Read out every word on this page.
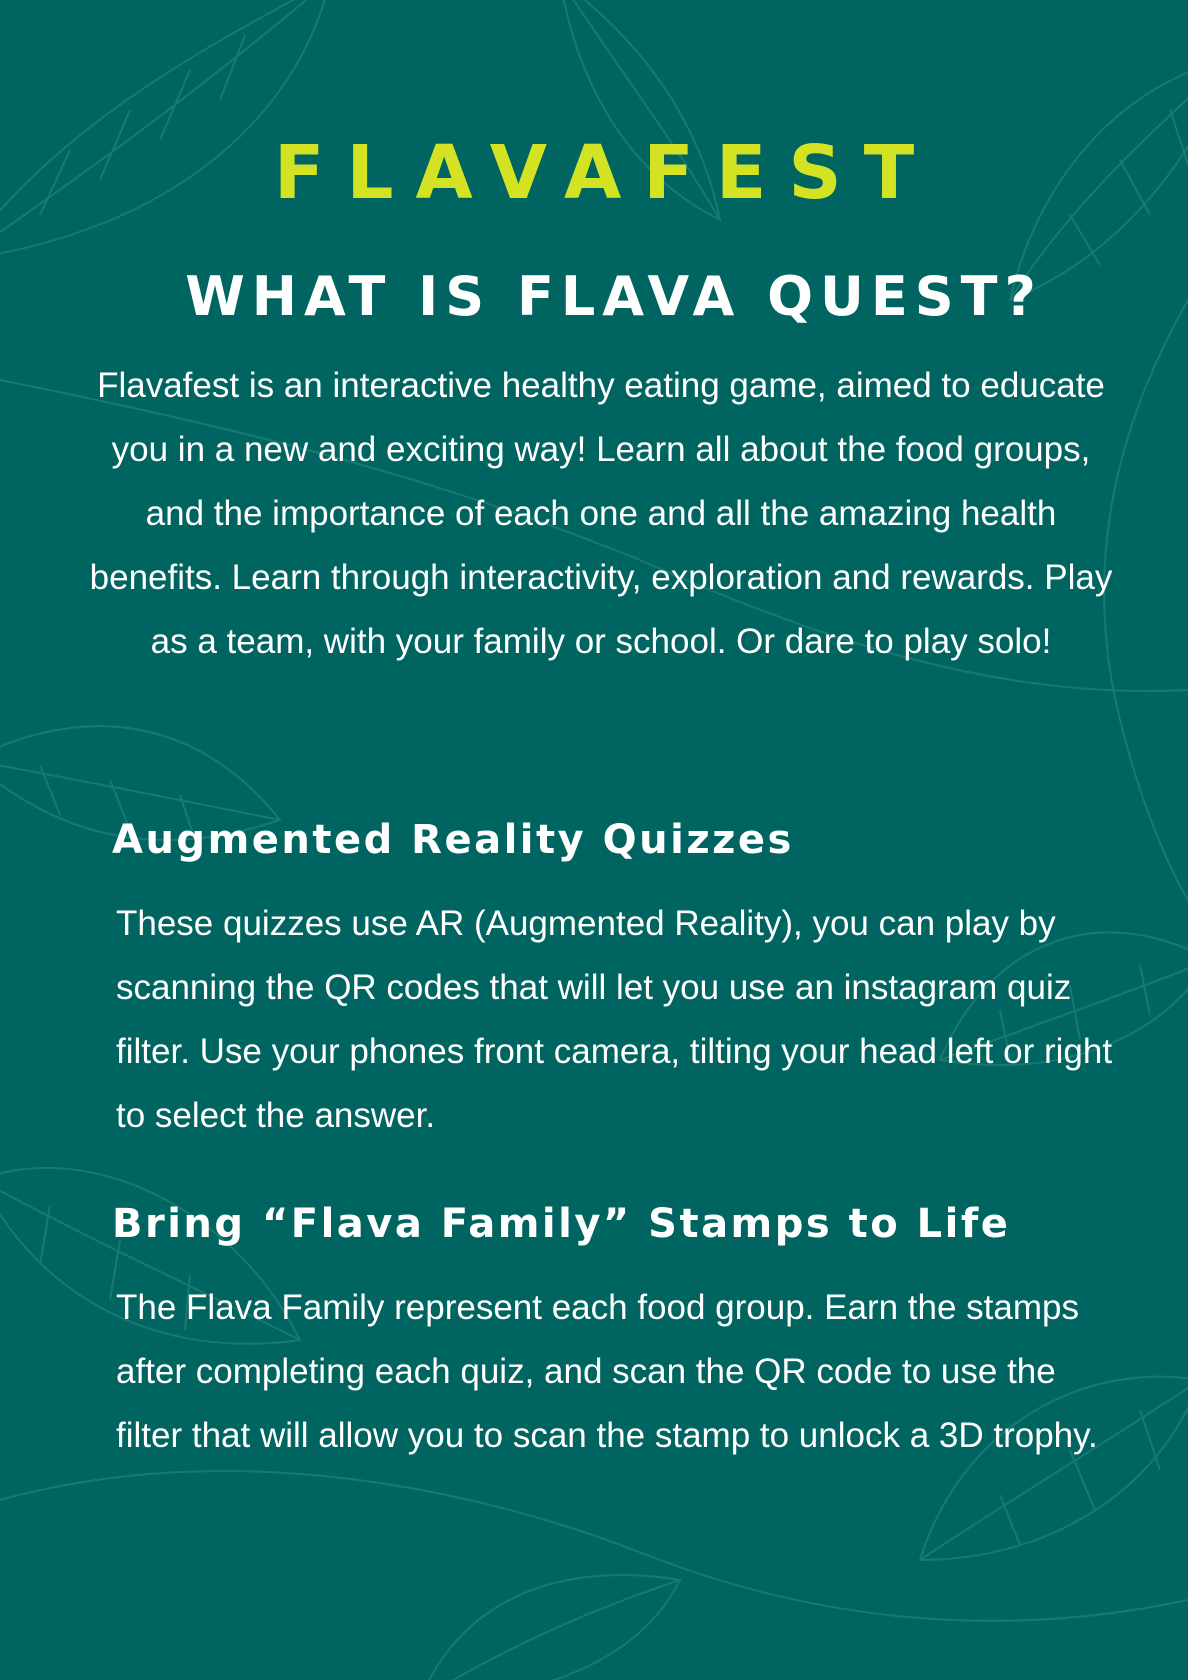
FLAVAFEST
WHAT IS FLAVA QUEST?

Flavafest is an interactive healthy eating game, aimed to educate you in a new and exciting way! Learn all about the food groups, and the importance of each one and all the amazing health benefits. Learn through interactivity, exploration and rewards. Play as a team, with your family or school. Or dare to play solo!

Augmented Reality Quizzes

These quizzes use AR (Augmented Reality), you can play by scanning the QR codes that will let you use an instagram quiz filter. Use your phones front camera, tilting your head left or right to select the answer.

Bring “Flava Family” Stamps to Life

The Flava Family represent each food group. Earn the stamps after completing each quiz, and scan the QR code to use the filter that will allow you to scan the stamp to unlock a 3D trophy.
